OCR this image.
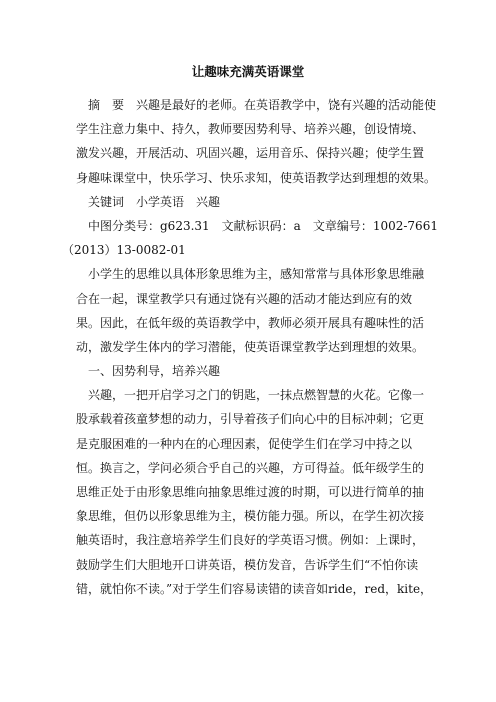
让趣味充满英语课堂
摘　要　兴趣是最好的老师。在英语教学中，饶有兴趣的活动能使
学生注意力集中、持久，教师要因势利导、培养兴趣，创设情境、
激发兴趣，开展活动、巩固兴趣，运用音乐、保持兴趣；使学生置
身趣味课堂中，快乐学习、快乐求知，使英语教学达到理想的效果。
关键词　小学英语　兴趣
中图分类号：g623.31　文献标识码：a　文章编号：1002-7661
（2013）13-0082-01
小学生的思维以具体形象思维为主，感知常常与具体形象思维融
合在一起，课堂教学只有通过饶有兴趣的活动才能达到应有的效
果。因此，在低年级的英语教学中，教师必须开展具有趣味性的活
动，激发学生体内的学习潜能，使英语课堂教学达到理想的效果。
一、因势利导，培养兴趣
兴趣，一把开启学习之门的钥匙，一抹点燃智慧的火花。它像一
股承载着孩童梦想的动力，引导着孩子们向心中的目标冲刺；它更
是克服困难的一种内在的心理因素，促使学生们在学习中持之以
恒。换言之，学问必须合乎自己的兴趣，方可得益。低年级学生的
思维正处于由形象思维向抽象思维过渡的时期，可以进行简单的抽
象思维，但仍以形象思维为主，模仿能力强。所以，在学生初次接
触英语时，我注意培养学生们良好的学英语习惯。例如：上课时，
鼓励学生们大胆地开口讲英语，模仿发音，告诉学生们“不怕你读
错，就怕你不读。”对于学生们容易读错的读音如ride，red，kite，
